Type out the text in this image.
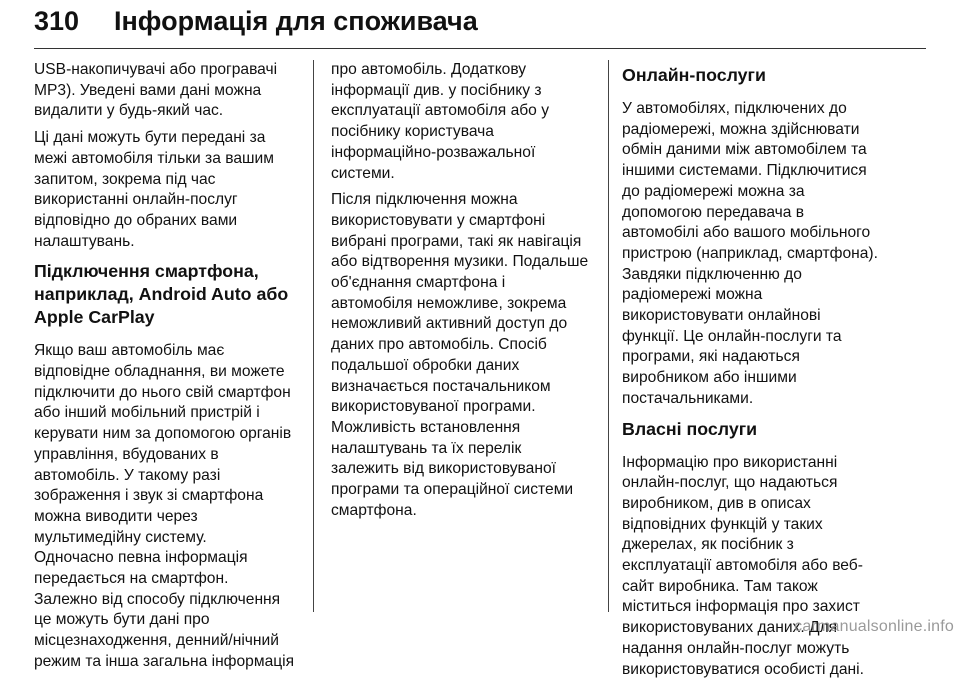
310 Інформація для споживача

USB-накопичувачі або програвачі
MP3). Уведені вами дані можна
видалити у будь-який час.

Ці дані можуть бути передані за
межі автомобіля тільки за вашим
запитом, зокрема під час
використанні онлайн-послуг
відповідно до обраних вами
налаштувань.

Підключення смартфона,
наприклад, Android Auto або
Apple CarPlay

Якщо ваш автомобіль має
відповідне обладнання, ви можете
підключити до нього свій смартфон
або інший мобільний пристрій і
керувати ним за допомогою органів
управління, вбудованих в
автомобіль. У такому разі
зображення і звук зі смартфона
можна виводити через
мультимедійну систему.
Одночасно певна інформація
передається на смартфон.
Залежно від способу підключення
це можуть бути дані про
місцезнаходження, денний/нічний
режим та інша загальна інформація

про автомобіль. Додаткову
інформації див. у посібнику з
експлуатації автомобіля або у
посібнику користувача
інформаційно-розважальної
системи.

Після підключення можна
використовувати у смартфоні
вибрані програми, такі як навігація
або відтворення музики. Подальше
об'єднання смартфона і
автомобіля неможливе, зокрема
неможливий активний доступ до
даних про автомобіль. Спосіб
подальшої обробки даних
визначається постачальником
використовуваної програми.
Можливість встановлення
налаштувань та їх перелік
залежить від використовуваної
програми та операційної системи
смартфона.

Онлайн-послуги

У автомобілях, підключених до
радіомережі, можна здійснювати
обмін даними між автомобілем та
іншими системами. Підключитися
до радіомережі можна за
допомогою передавача в
автомобілі або вашого мобільного
пристрою (наприклад, смартфона).
Завдяки підключенню до
радіомережі можна
використовувати онлайнові
функції. Це онлайн-послуги та
програми, які надаються
виробником або іншими
постачальниками.

Власні послуги

Інформацію про використанні
онлайн-послуг, що надаються
виробником, див в описах
відповідних функцій у таких
джерелах, як посібник з
експлуатації автомобіля або веб-
сайт виробника. Там також
міститься інформація про захист
використовуваних даних. Для
надання онлайн-послуг можуть
використовуватися особисті дані.

carmanualsonline.info
